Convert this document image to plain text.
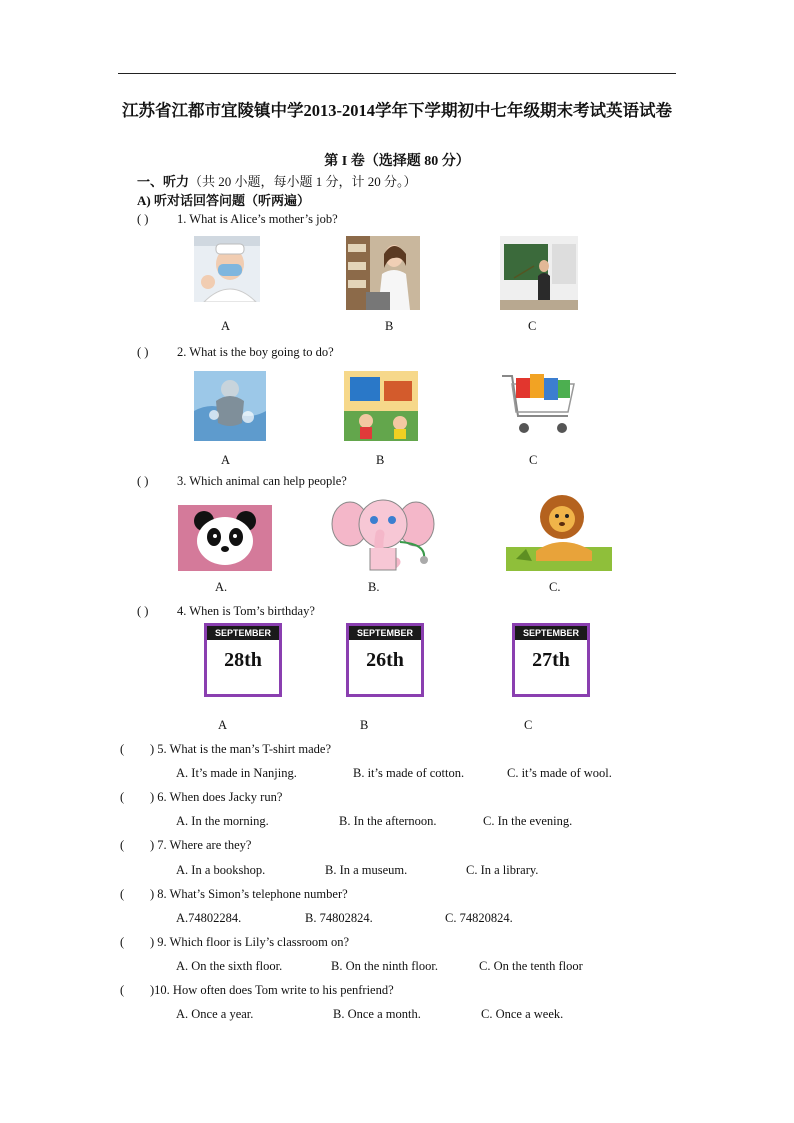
江苏省江都市宜陵镇中学2013-2014学年下学期初中七年级期末考试英语试卷
第 I 卷（选择题 80 分）
一、听力（共 20 小题，每小题 1 分，计 20 分。）
A) 听对话回答问题（听两遍）
( ) 1. What is Alice’s mother’s job?
A	B	C
( ) 2. What is the boy going to do?
A	B	C
( ) 3. Which animal can help people?
A.	B.	C.
( ) 4. When is Tom’s birthday?
SEPTEMBER
28th
SEPTEMBER
26th
SEPTEMBER
27th
A	B	C
( ) 5. What is the man’s T-shirt made?
A. It’s made in Nanjing.	B. it’s made of cotton.	C. it’s made of wool.
( ) 6. When does Jacky run?
A. In the morning.	B. In the afternoon.	C. In the evening.
( ) 7. Where are they?
A. In a bookshop.	B. In a museum.	C. In a library.
( ) 8. What’s Simon’s telephone number?
A.74802284.	B. 74802824.	C. 74820824.
( ) 9. Which floor is Lily’s classroom on?
A. On the sixth floor.	B. On the ninth floor.	C. On the tenth floor
( )10. How often does Tom write to his penfriend?
A. Once a year.	B. Once a month.	C. Once a week.
